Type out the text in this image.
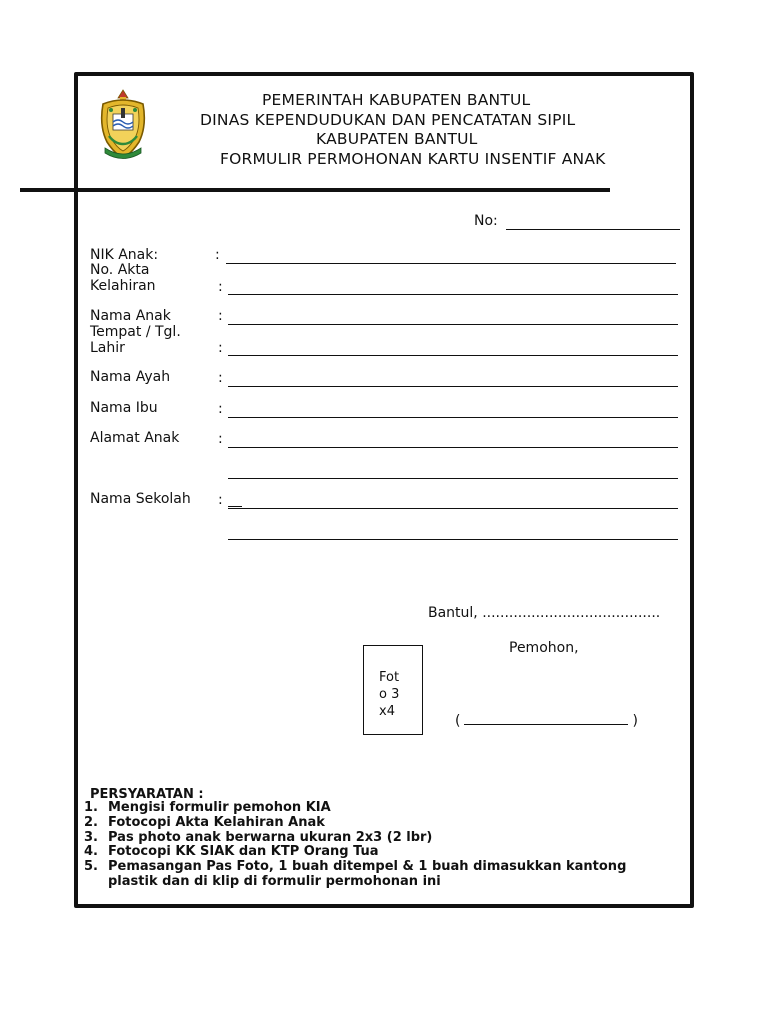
PEMERINTAH KABUPATEN BANTUL
DINAS KEPENDUDUKAN DAN PENCATATAN SIPIL
KABUPATEN BANTUL
FORMULIR PERMOHONAN KARTU INSENTIF ANAK
No:
NIK Anak:	:
No. Akta
Kelahiran	:
Nama Anak	:
Tempat / Tgl.
Lahir	:
Nama Ayah	:
Nama Ibu	:
Alamat Anak	:
Nama Sekolah :
Bantul, ........................................
Pemohon,
Foto 3x4
(	)
PERSYARATAN :
1. Mengisi formulir pemohon KIA
2. Fotocopi Akta Kelahiran Anak
3. Pas photo anak berwarna ukuran 2x3 (2 lbr)
4. Fotocopi KK SIAK dan KTP Orang Tua
5. Pemasangan Pas Foto, 1 buah ditempel & 1 buah dimasukkan kantong plastik dan di klip di formulir permohonan ini
